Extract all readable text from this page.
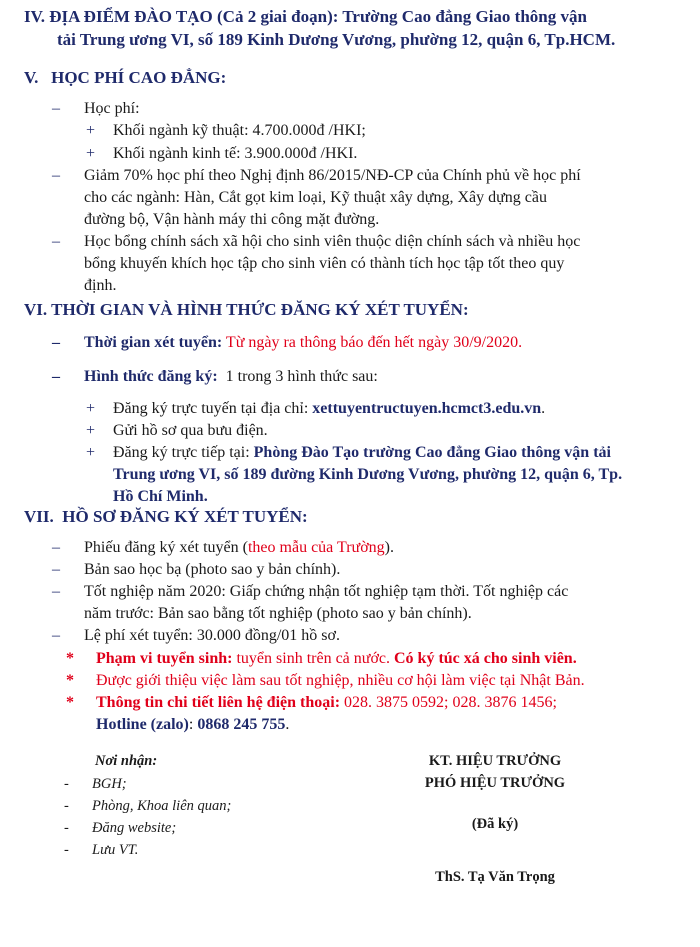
IV. ĐỊA ĐIỂM ĐÀO TẠO (Cả 2 giai đoạn): Trường Cao đẳng Giao thông vận
tải Trung ương VI, số 189 Kinh Dương Vương, phường 12, quận 6, Tp.HCM.
V. HỌC PHÍ CAO ĐẲNG:
– Học phí:
+ Khối ngành kỹ thuật: 4.700.000đ /HKI;
+ Khối ngành kinh tế: 3.900.000đ /HKI.
– Giảm 70% học phí theo Nghị định 86/2015/NĐ-CP của Chính phủ về học phí
cho các ngành: Hàn, Cắt gọt kim loại, Kỹ thuật xây dựng, Xây dựng cầu
đường bộ, Vận hành máy thi công mặt đường.
– Học bổng chính sách xã hội cho sinh viên thuộc diện chính sách và nhiều học
bổng khuyến khích học tập cho sinh viên có thành tích học tập tốt theo quy
định.
VI. THỜI GIAN VÀ HÌNH THỨC ĐĂNG KÝ XÉT TUYỂN:
– Thời gian xét tuyển: Từ ngày ra thông báo đến hết ngày 30/9/2020.
– Hình thức đăng ký: 1 trong 3 hình thức sau:
+ Đăng ký trực tuyến tại địa chỉ: xettuyentructuyen.hcmct3.edu.vn.
+ Gửi hồ sơ qua bưu điện.
+ Đăng ký trực tiếp tại: Phòng Đào Tạo trường Cao đẳng Giao thông vận tải
Trung ương VI, số 189 đường Kinh Dương Vương, phường 12, quận 6, Tp.
Hồ Chí Minh.
VII. HỒ SƠ ĐĂNG KÝ XÉT TUYỂN:
– Phiếu đăng ký xét tuyển (theo mẫu của Trường).
– Bản sao học bạ (photo sao y bản chính).
– Tốt nghiệp năm 2020: Giấp chứng nhận tốt nghiệp tạm thời. Tốt nghiệp các
năm trước: Bản sao bằng tốt nghiệp (photo sao y bản chính).
– Lệ phí xét tuyển: 30.000 đồng/01 hồ sơ.
* Phạm vi tuyển sinh: tuyển sinh trên cả nước. Có ký túc xá cho sinh viên.
* Được giới thiệu việc làm sau tốt nghiệp, nhiều cơ hội làm việc tại Nhật Bản.
* Thông tin chi tiết liên hệ điện thoại: 028. 3875 0592; 028. 3876 1456;
Hotline (zalo): 0868 245 755.
Nơi nhận:
- BGH;
- Phòng, Khoa liên quan;
- Đăng website;
- Lưu VT.
KT. HIỆU TRƯỞNG
PHÓ HIỆU TRƯỞNG
(Đã ký)
ThS. Tạ Văn Trọng
